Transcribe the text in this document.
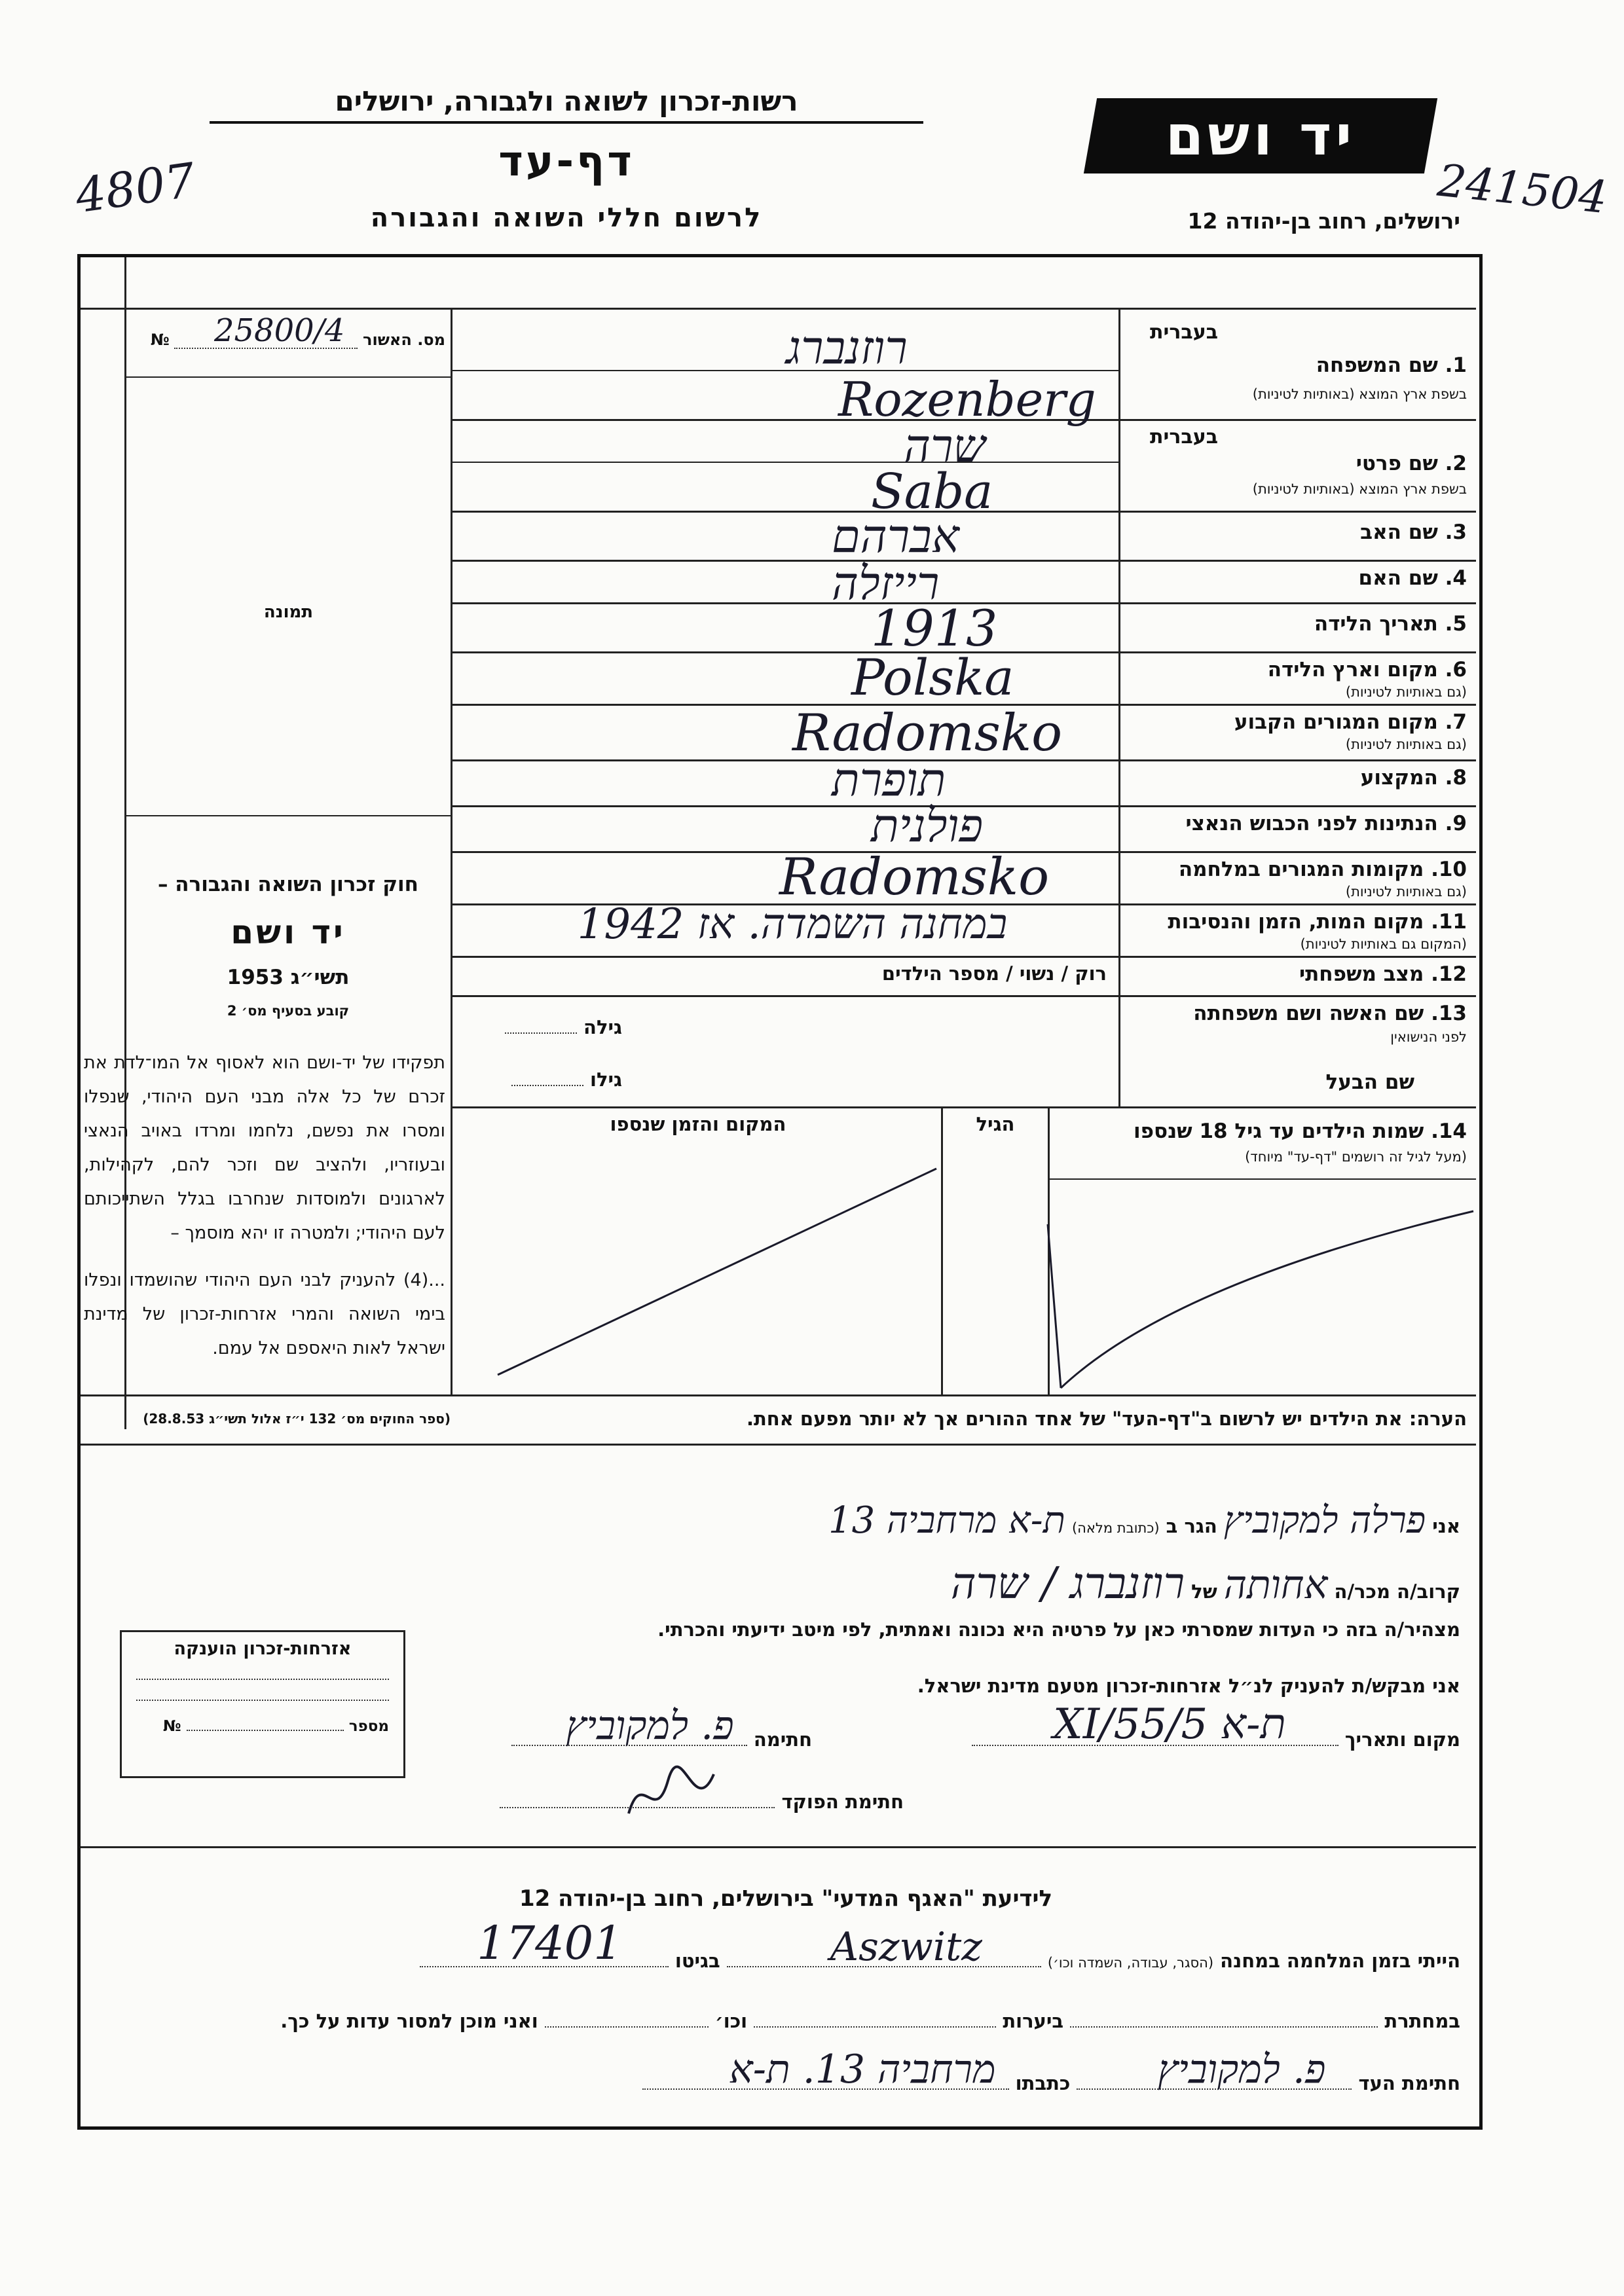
רשות-זכרון לשואה ולגבורה, ירושלים
דף-עד
לרשום חללי השואה והגבורה
יד ושם
ירושלים, רחוב בן-יהודה 12
4807	241504
מס. האשור
25800/4
№
תמונה
חוק זכרון השואה והגבורה –
יד ושם
תשי״ג 1953
קובע בסעיף מס׳ 2
תפקידו של יד-ושם הוא לאסוף אל המו־לדת את זכרם של כל אלה מבני העם היהודי, שנפלו ומסרו את נפשם, נלחמו ומרדו באויב הנאצי ובעוזריו, ולהציב שם וזכר להם, לקהילות, לארגונים ולמוסדות שנחרבו בגלל השתייכותם לעם היהודי; ולמטרה זו יהא מוסמך –
...(4) להעניק לבני העם היהודי שהושמדו ונפלו בימי השואה והמרי אזרחות-זכרון של מדינת ישראל לאות היאספם אל עמם.
(ספר החוקים מס׳ 132 י״ז אלול תשי״ג 28.8.53)
בעברית
1. שם המשפחה
בשפת ארץ המוצא (באותיות לטיניות)
רוזנברג
Rozenberg
בעברית
2. שם פרטי
בשפת ארץ המוצא (באותיות לטיניות)
שרה
Saba
3. שם האב
אברהם
4. שם האם
רייזלה
5. תאריך הלידה
1913
6. מקום וארץ הלידה
(גם באותיות לטיניות)
Polska
7. מקום המגורים הקבוע
(גם באותיות לטיניות)
Radomsko
8. המקצוע
תופרת
9. הנתינות לפני הכבוש הנאצי
פולנית
10. מקומות המגורים במלחמה
(גם באותיות לטיניות)
Radomsko
11. מקום המות, הזמן והנסיבות
(המקום גם באותיות לטיניות)
במחנה השמדה. אז 1942
12. מצב משפחתי
רוק / נשוי / מספר הילדים
13. שם האשה ושם משפחתה
לפני הנישואין
גילה
שם הבעל
גילו
14. שמות הילדים עד גיל 18 שנספו
(מעל לגיל זה רושמים "דף-עד" מיוחד)
הגיל
המקום והזמן שנספו
הערה: את הילדים יש לרשום ב"דף-העד" של אחד ההורים אך לא יותר מפעם אחת.
אני פרלה למקוביץ הגר ב (כתובת מלאה) ת-א מרחביה 13
קרוב/ה מכר/ה אחותה של רוזנברג / שרה
מצהיר/ה בזה כי העדות שמסרתי כאן על פרטיה היא נכונה ואמתית, לפי מיטב ידיעתי והכרתי.
אני מבקש/ת להעניק לנ״ל אזרחות-זכרון מטעם מדינת ישראל.
אזרחות-זכרון הוענקה
מספר  №
מקום ותאריך
ת-א 5/XI/55
חתימה
פ. למקוביץ
חתימת הפוקד
לידיעת "האגף המדעי" בירושלים, רחוב בן-יהודה 12
הייתי בזמן המלחמה במחנה (הסגר, עבודה, השמדה וכו׳)
Aszwitz
בגיטו
17401
במחתרת  ביערות  וכו׳  ואני מוכן למסור עדות על כך.
חתימת העד
פ. למקוביץ
כתבתו
מרחביה 13. ת-א
